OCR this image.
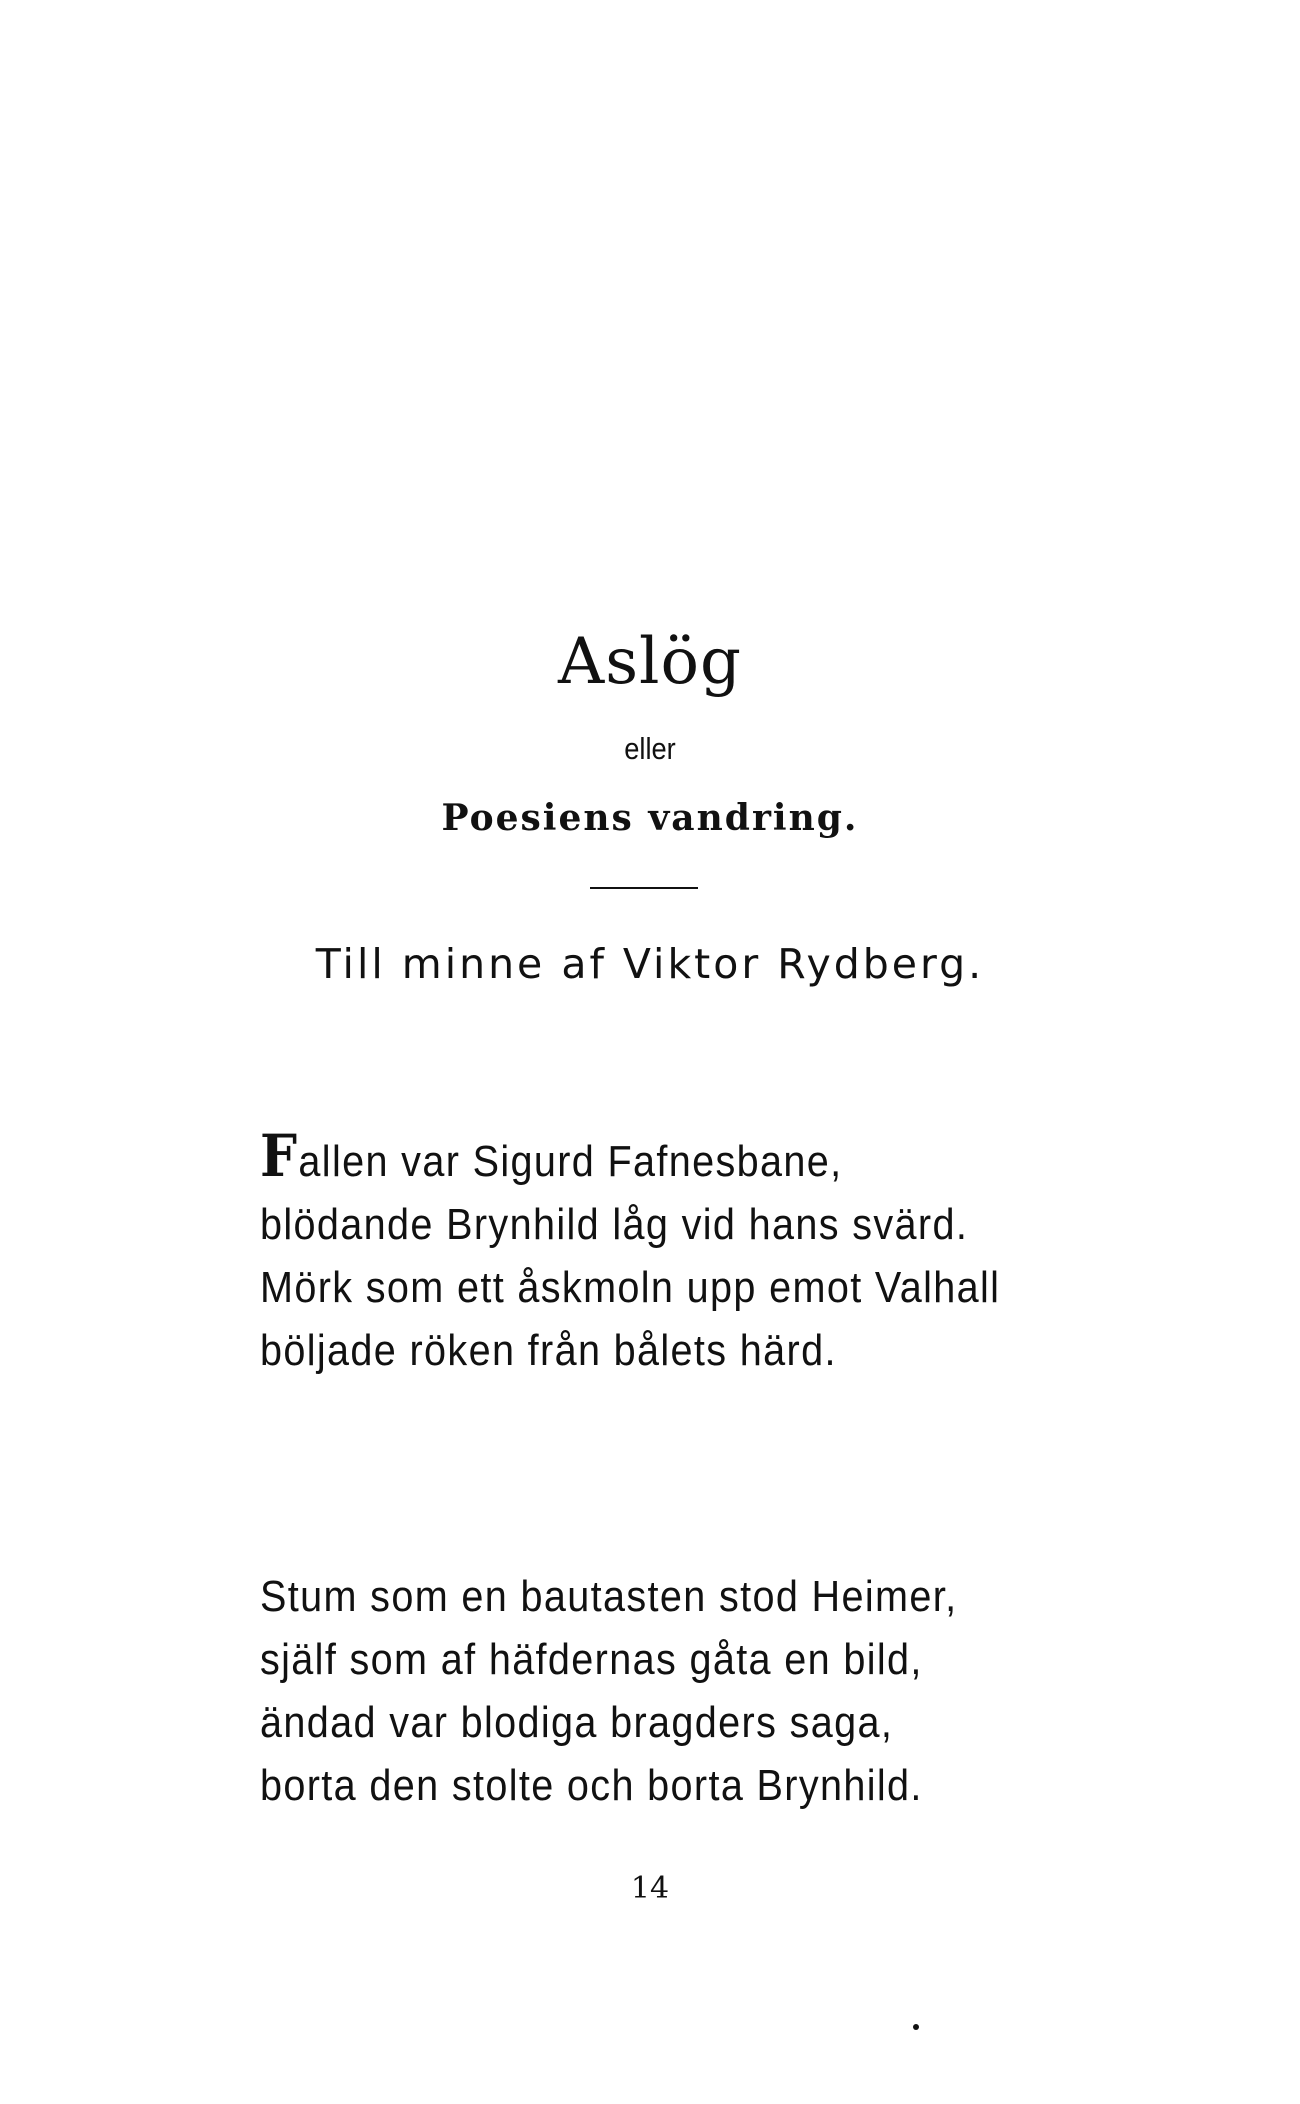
Aslög
eller
Poesiens vandring.
Till minne af Viktor Rydberg.
Fallen var Sigurd Fafnesbane,
blödande Brynhild låg vid hans svärd.
Mörk som ett åskmoln upp emot Valhall
böljade röken från bålets härd.
Stum som en bautasten stod Heimer,
själf som af häfdernas gåta en bild,
ändad var blodiga bragders saga,
borta den stolte och borta Brynhild.
14
